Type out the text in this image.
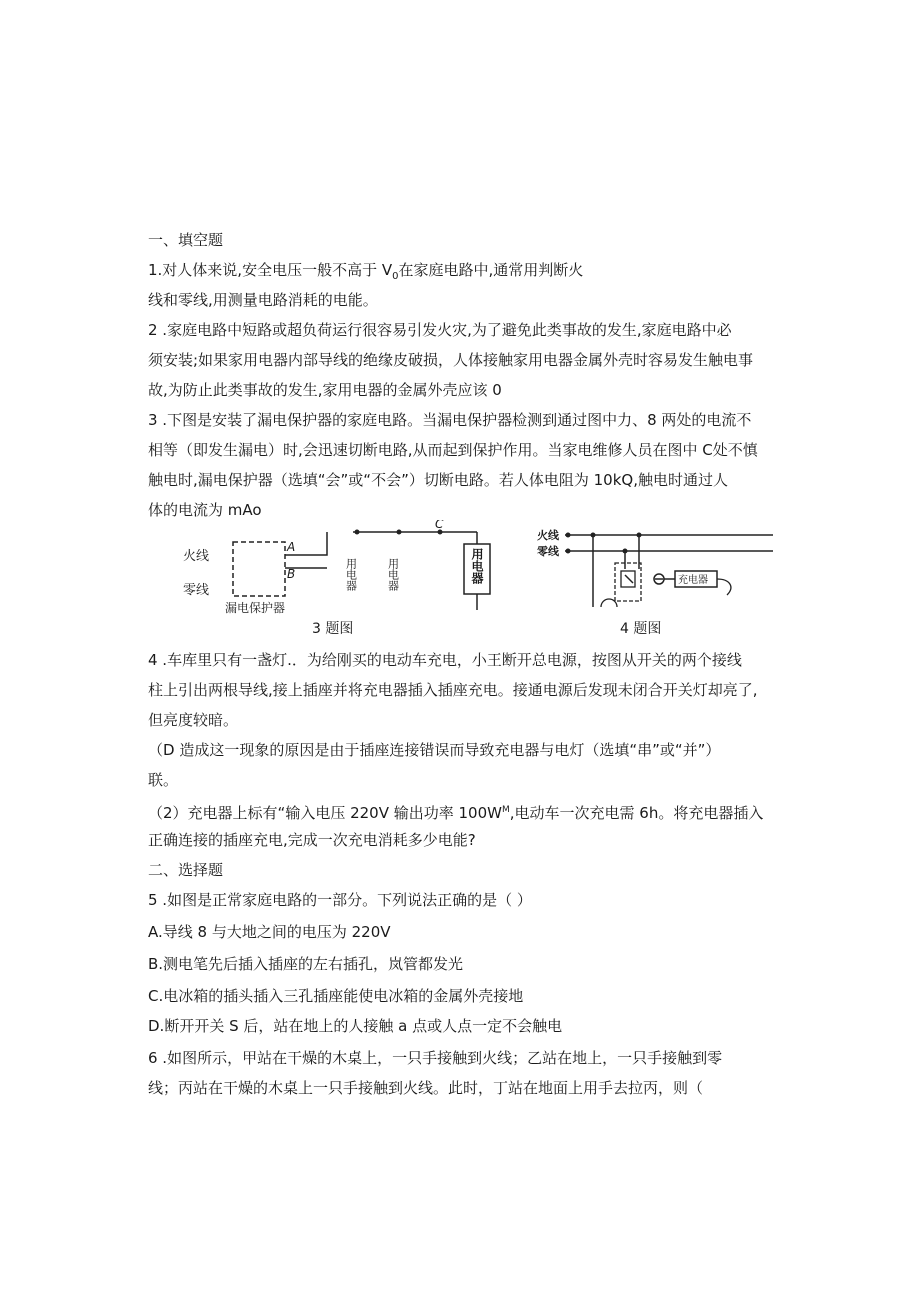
一、填空题
1.对人体来说,安全电压一般不高于 $V_0$在家庭电路中,通常用判断火
线和零线,用测量电路消耗的电能。
2 .家庭电路中短路或超负荷运行很容易引发火灾,为了避免此类事故的发生,家庭电路中必
须安装;如果家用电器内部导线的绝缘皮破损，人体接触家用电器金属外壳时容易发生触电事
故,为防止此类事故的发生,家用电器的金属外壳应该 0
3 .下图是安装了漏电保护器的家庭电路。当漏电保护器检测到通过图中力、8 两处的电流不
相等（即发生漏电）时,会迅速切断电路,从而起到保护作用。当家电维修人员在图中 C处不慎
触电时,漏电保护器（选填“会”或“不会”）切断电路。若人体电阻为 10kQ,触电时通过人
体的电流为 mAo
火线
零线
A
B
漏电保护器
C
用电器	用电器	用电器
3 题图
火线
零线
充电器
4 题图
4 .车库里只有一盏灯.．为给刚买的电动车充电，小王断开总电源，按图从开关的两个接线
柱上引出两根导线,接上插座并将充电器插入插座充电。接通电源后发现未闭合开关灯却亮了,
但亮度较暗。
（D 造成这一现象的原因是由于插座连接错误而导致充电器与电灯（选填“串”或“并”）
联。
（2）充电器上标有“输入电压 220V 输出功率 $100W^M$,电动车一次充电需 6h。将充电器插入
正确连接的插座充电,完成一次充电消耗多少电能?
二、选择题
5 .如图是正常家庭电路的一部分。下列说法正确的是（ ）
A.导线 8 与大地之间的电压为 220V
B.测电笔先后插入插座的左右插孔，岚管都发光
C.电冰箱的插头插入三孔插座能使电冰箱的金属外壳接地
D.断开开关 S 后，站在地上的人接触 a 点或人点一定不会触电
6 .如图所示，甲站在干燥的木桌上，一只手接触到火线；乙站在地上，一只手接触到零
线；丙站在干燥的木桌上一只手接触到火线。此时，丁站在地面上用手去拉丙，则（
